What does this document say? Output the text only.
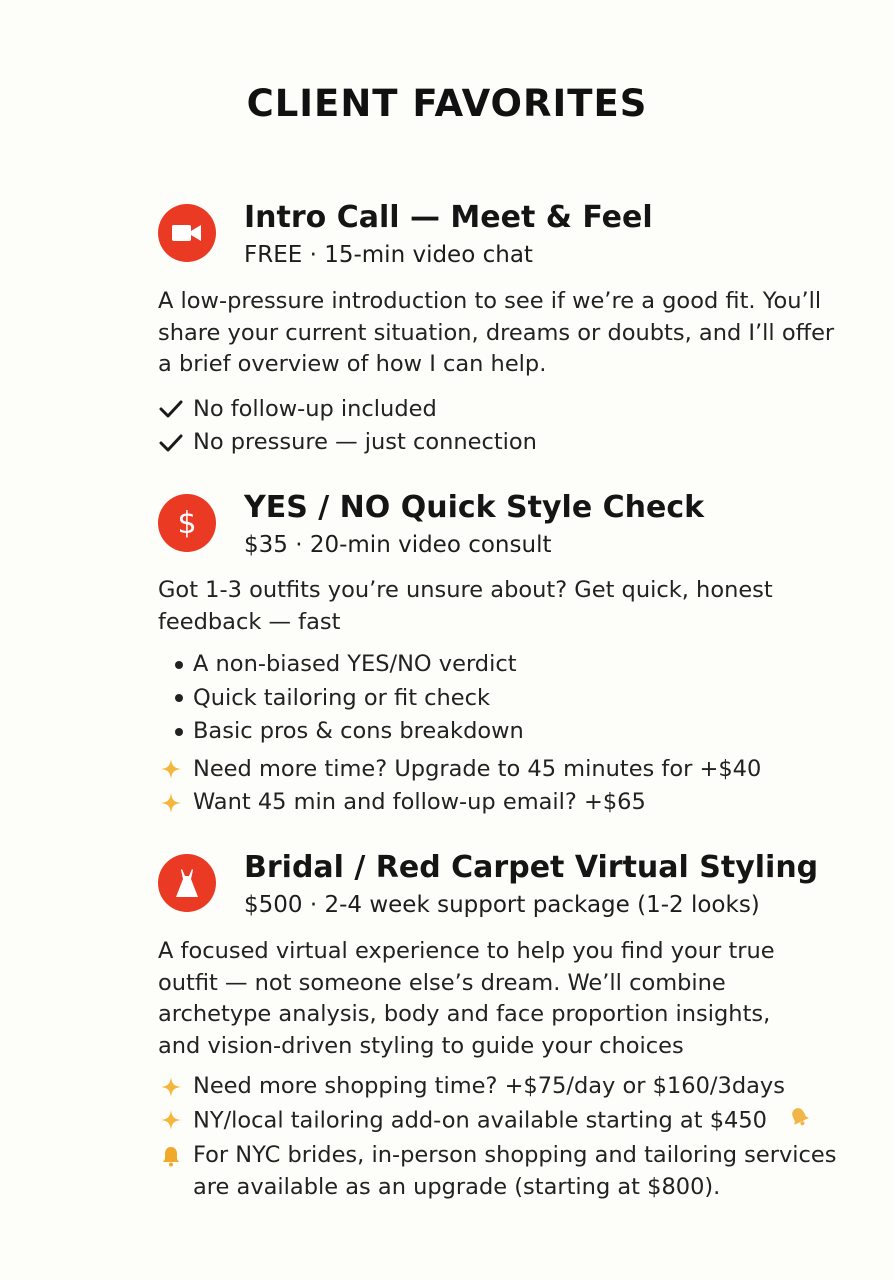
CLIENT FAVORITES
Intro Call — Meet & Feel
FREE · 15-min video chat

A low-pressure introduction to see if we’re a good fit. You’ll share your current situation, dreams or doubts, and I’ll offer a brief overview of how I can help.

No follow-up included
No pressure — just connection
$ YES / NO Quick Style Check
$35 · 20-min video consult

Got 1-3 outfits you’re unsure about? Get quick, honest feedback — fast

A non-biased YES/NO verdict
Quick tailoring or fit check
Basic pros & cons breakdown
Need more time? Upgrade to 45 minutes for +$40
Want 45 min and follow-up email? +$65
Bridal / Red Carpet Virtual Styling
$500 · 2-4 week support package (1-2 looks)

A focused virtual experience to help you find your true outfit — not someone else’s dream. We’ll combine archetype analysis, body and face proportion insights, and vision-driven styling to guide your choices

Need more shopping time? +$75/day or $160/3days
NY/local tailoring add-on available starting at $450
For NYC brides, in-person shopping and tailoring services
are available as an upgrade (starting at $800).
